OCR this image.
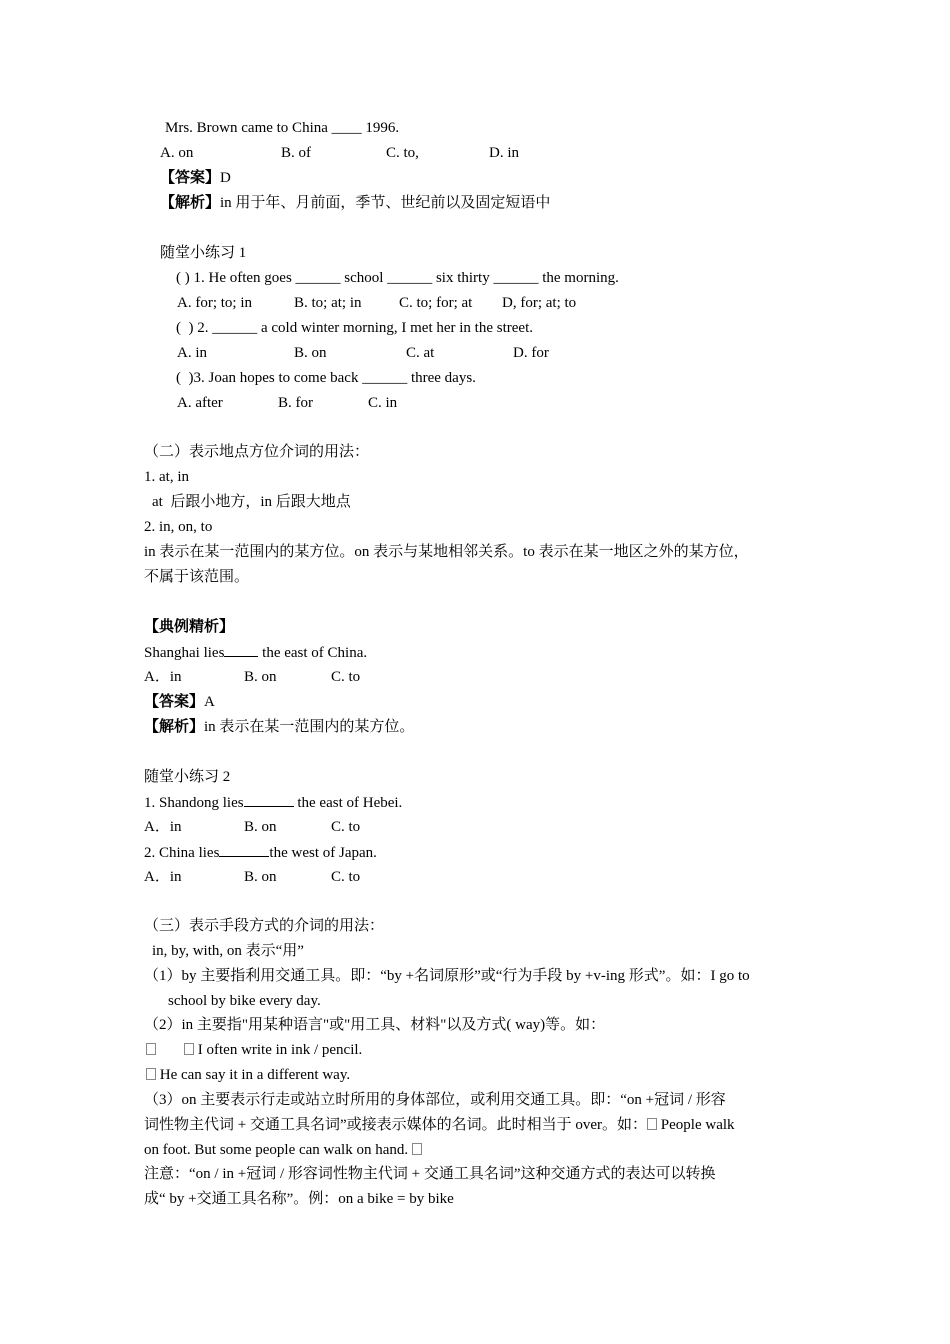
Mrs. Brown came to China ____ 1996.
A. on	B. of	C. to,	D. in
【答案】D
【解析】in 用于年、月前面，季节、世纪前以及固定短语中
随堂小练习 1
( ) 1. He often goes ______ school ______ six thirty ______ the morning.
A. for; to; in	B. to; at; in	C. to; for; at D, for; at; to
(  ) 2. ______ a cold winter morning, I met her in the street.
A. in	B. on	C. at	D. for
(  )3. Joan hopes to come back ______ three days.
A. after	B. for	C. in
（二）表示地点方位介词的用法：
1. at, in
at  后跟小地方，in 后跟大地点
2. in, on, to
in 表示在某一范围内的某方位。on 表示与某地相邻关系。to 表示在某一地区之外的某方位，
不属于该范围。
【典例精析】
Shanghai lies the east of China.
A．in	B. on	C. to
【答案】A
【解析】in 表示在某一范围内的某方位。
随堂小练习 2
1. Shandong lies	the east of Hebei.
A．in	B. on	C. to
2. China lies	the west of Japan.
A．in	B. on	C. to
（三）表示手段方式的介词的用法：
in, by, with, on 表示“用”
（1）by 主要指利用交通工具。即：“by +名词原形”或“行为手段 by +v-ing 形式”。如：I go to
school by bike every day.
（2）in 主要指"用某种语言"或"用工具、材料"以及方式( way)等。如：
I often write in ink / pencil.
He can say it in a different way.
（3）on 主要表示行走或站立时所用的身体部位，或利用交通工具。即：“on +冠词 / 形容
词性物主代词 + 交通工具名词”或接表示媒体的名词。此时相当于 over。如： People walk
on foot. But some people can walk on hand.
注意：“on / in +冠词 / 形容词性物主代词 + 交通工具名词”这种交通方式的表达可以转换
成“ by +交通工具名称”。例：on a bike = by bike
